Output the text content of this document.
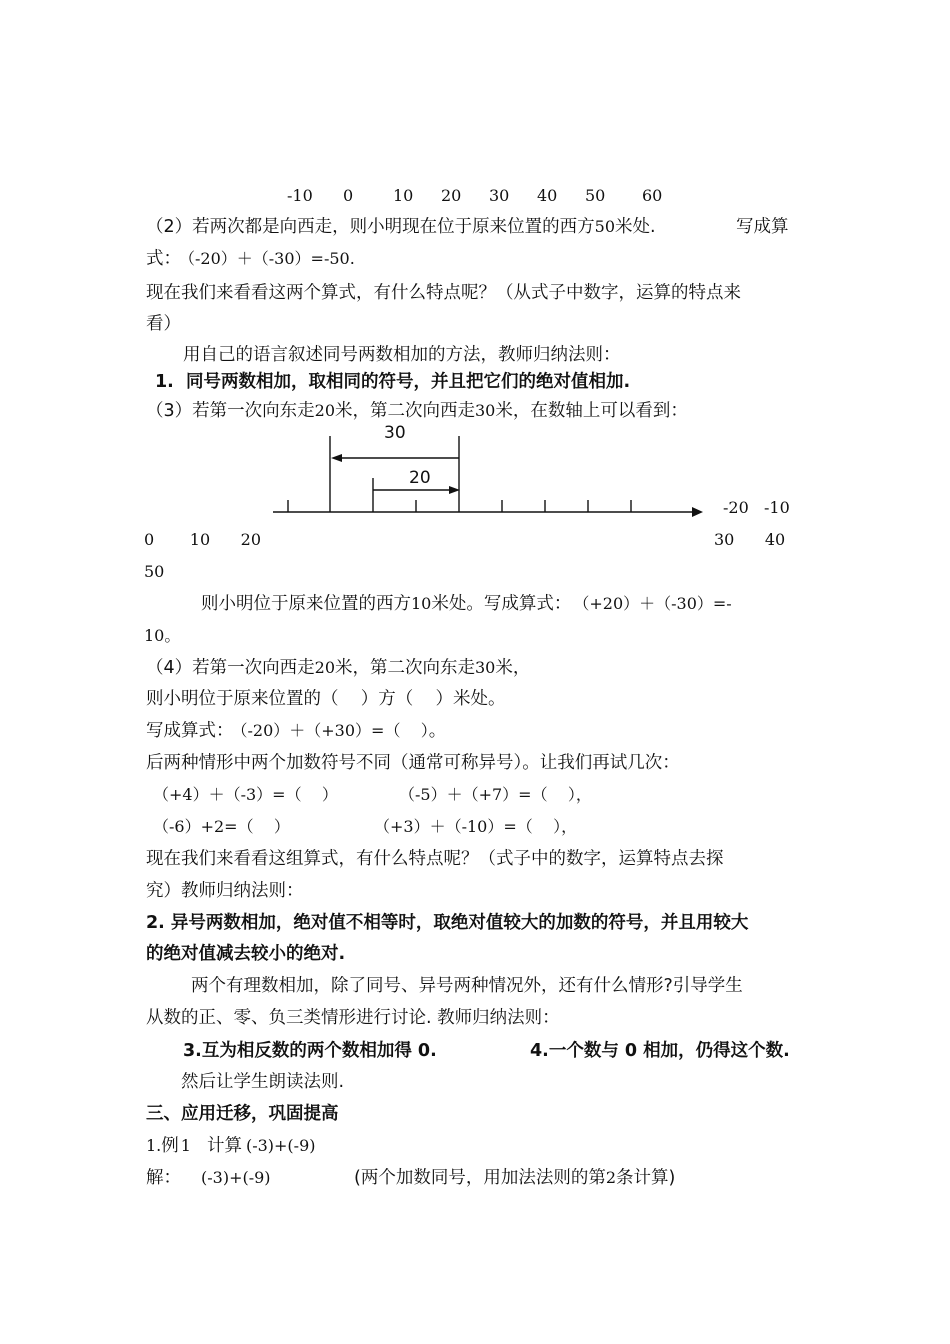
-10 0 10 20 30 40 50 60
（2）若两次都是向西走，则小明现在位于原来位置的西方50米处.	写成算
式： （-20）＋（-30）=-50.
现在我们来看看这两个算式，有什么特点呢？（从式子中数字，运算的特点来
看）
用自己的语言叙述同号两数相加的方法，教师归纳法则：
1.  同号两数相加，取相同的符号，并且把它们的绝对值相加.
（3）若第一次向东走20米，第二次向西走30米，在数轴上可以看到：
30
20
-20   -10
0       10      20	30      40
50
则小明位于原来位置的西方10米处。写成算式： （+20）＋（-30）=-
10。
（4）若第一次向西走20米，第二次向东走30米，
则小明位于原来位置的（    ）方（    ）米处。
写成算式： （-20）＋（+30）=（    ）。
后两种情形中两个加数符号不同（通常可称异号）。让我们再试几次：
（+4）＋（-3）=（    ）	（-5）＋（+7）=（    ），
（-6）+2=（    ）	（+3）＋（-10）=（    ），
现在我们来看看这组算式，有什么特点呢？（式子中的数字，运算特点去探
究）教师归纳法则：
2. 异号两数相加，绝对值不相等时，取绝对值较大的加数的符号，并且用较大
的绝对值减去较小的绝对.
两个有理数相加，除了同号、异号两种情况外，还有什么情形?引导学生
从数的正、零、负三类情形进行讨论. 教师归纳法则：
3.互为相反数的两个数相加得 0.	4.一个数与 0 相加，仍得这个数.
然后让学生朗读法则.
三、应用迁移，巩固提高
1.例 1 计算 (-3)+(-9)
解： (-3)+(-9)	(两个加数同号，用加法法则的第2条计算)
